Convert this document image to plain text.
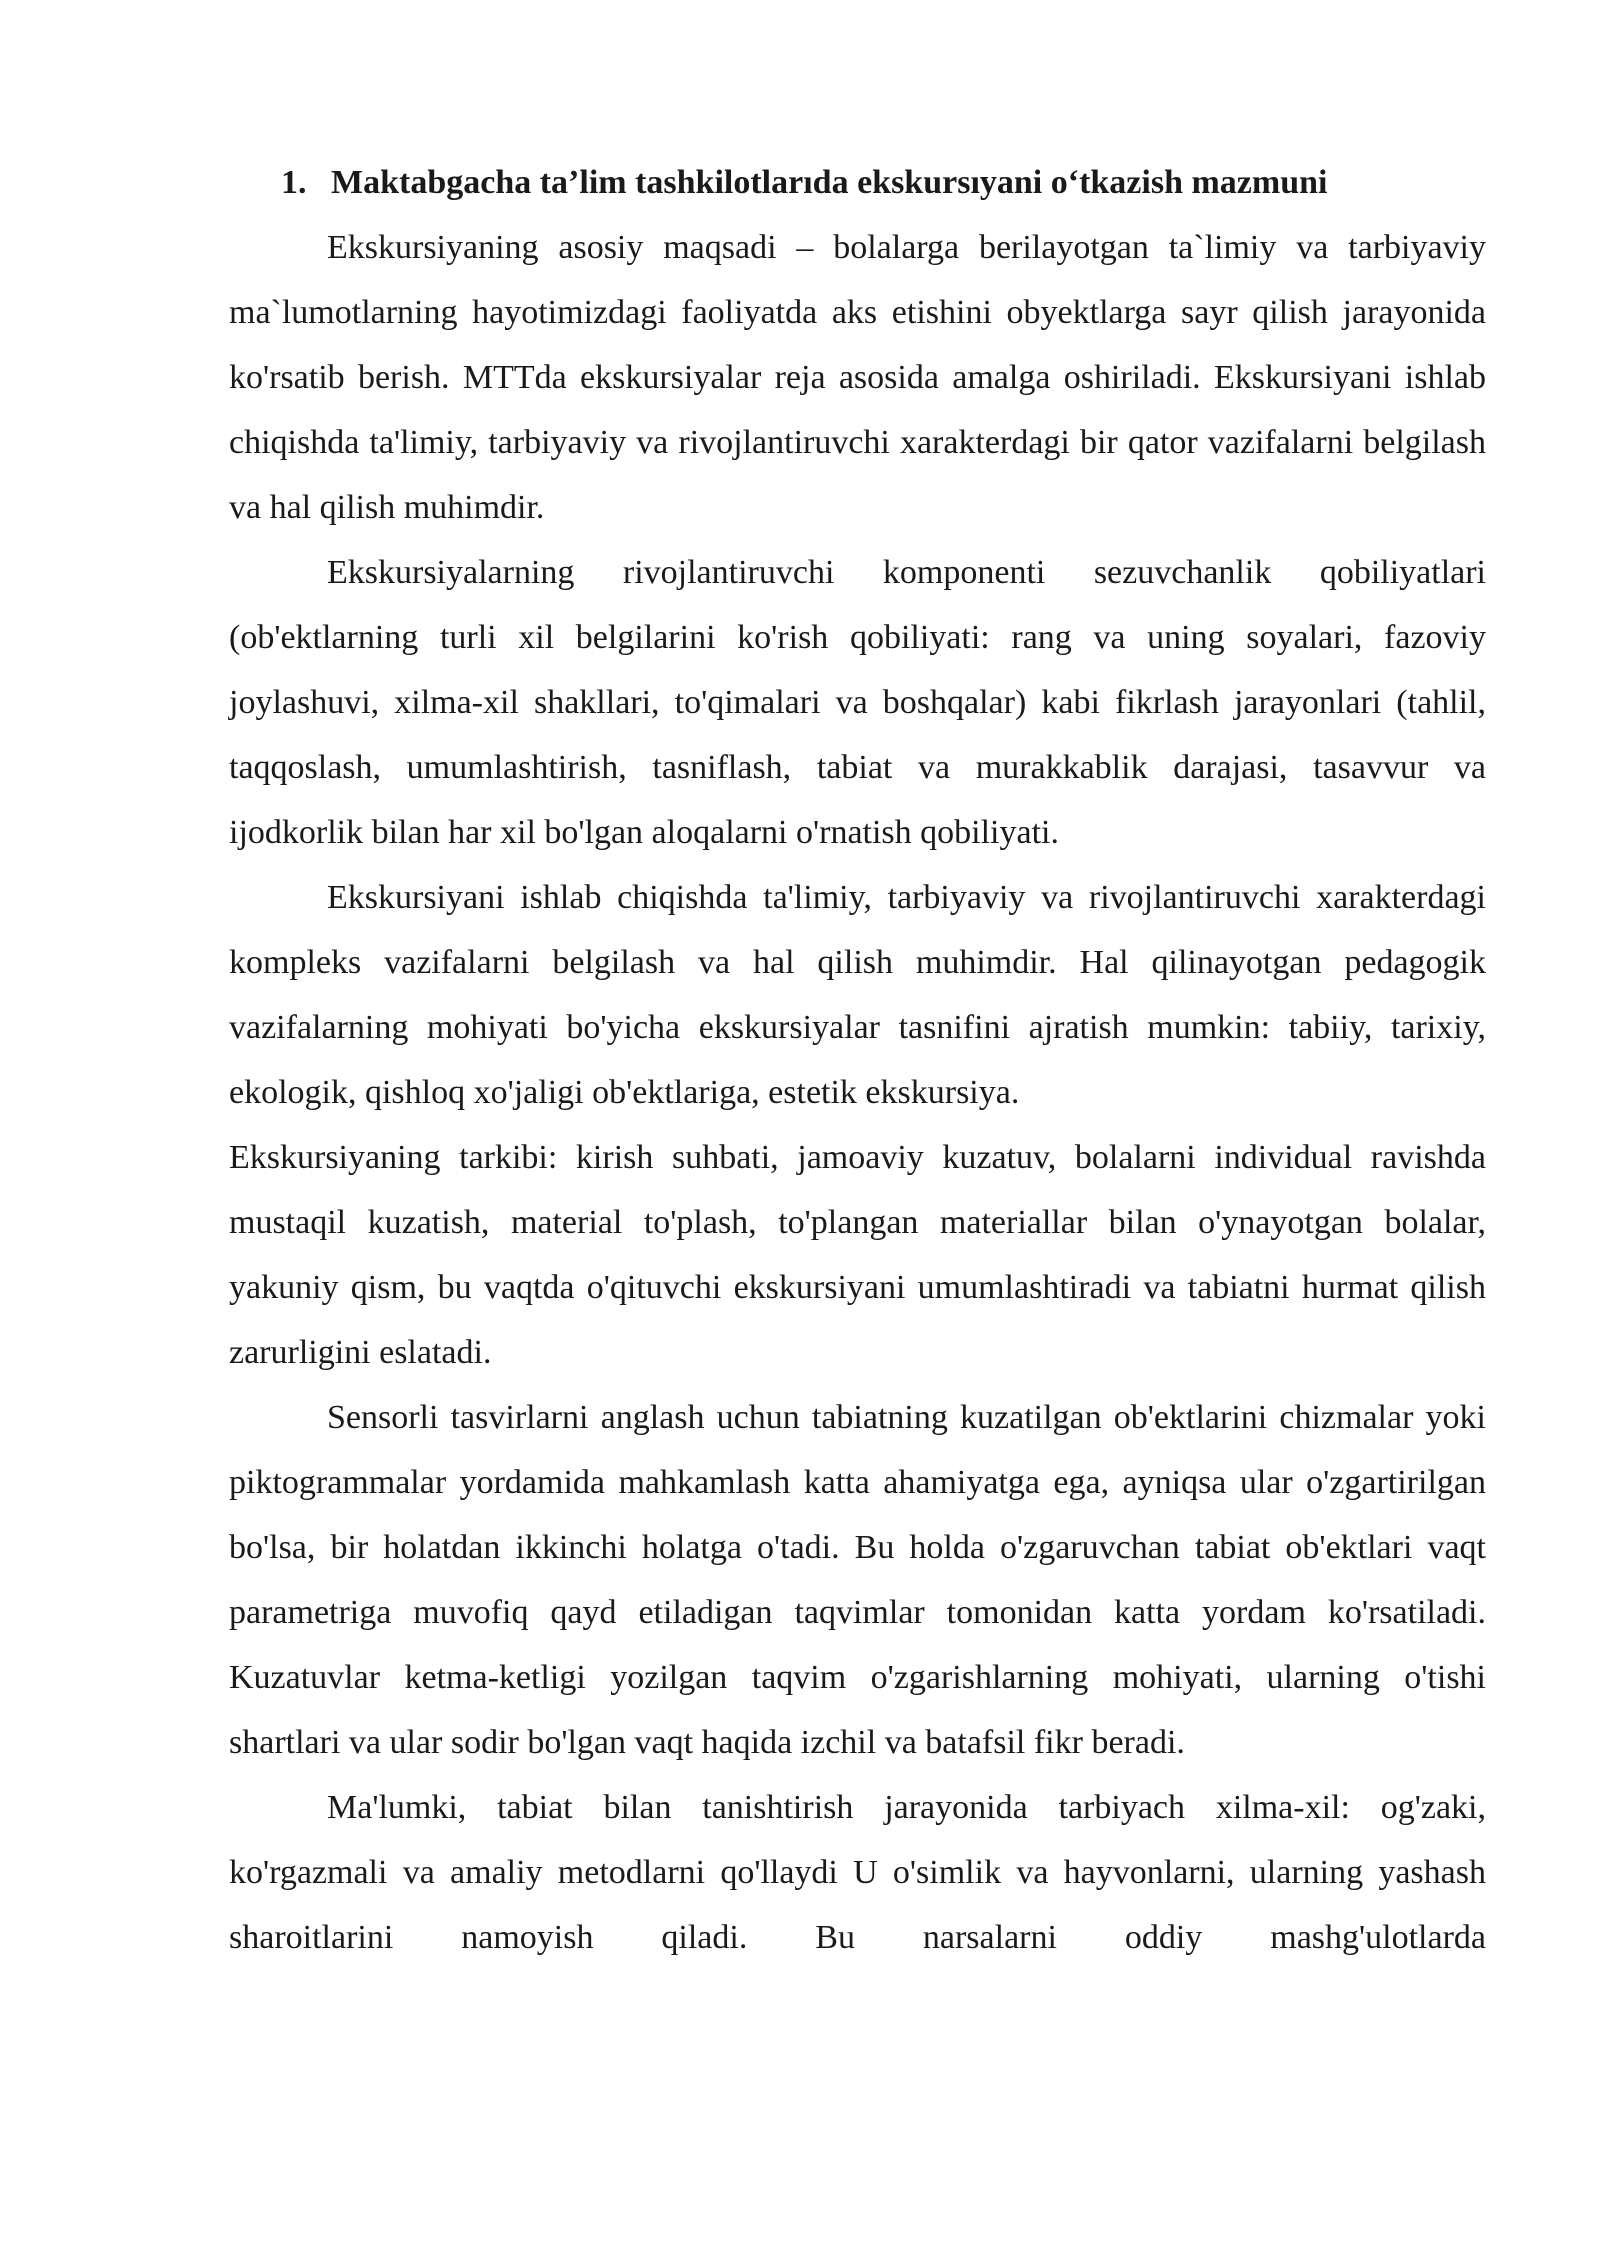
1. Maktabgacha ta’lim tashkilotlarıda ekskursıyani o‘tkazish mazmuni

Ekskursiyaning asosiy maqsadi – bolalarga berilayotgan ta`limiy va tarbiyaviy ma`lumotlarning hayotimizdagi faoliyatda aks etishini obyektlarga sayr qilish jarayonida ko'rsatib berish. MTTda ekskursiyalar reja asosida amalga oshiriladi. Ekskursiyani ishlab chiqishda ta'limiy, tarbiyaviy va rivojlantiruvchi xarakterdagi bir qator vazifalarni belgilash va hal qilish muhimdir.

Ekskursiyalarning rivojlantiruvchi komponenti sezuvchanlik qobiliyatlari (ob'ektlarning turli xil belgilarini ko'rish qobiliyati: rang va uning soyalari, fazoviy joylashuvi, xilma-xil shakllari, to'qimalari va boshqalar) kabi fikrlash jarayonlari (tahlil, taqqoslash, umumlashtirish, tasniflash, tabiat va murakkablik darajasi, tasavvur va ijodkorlik bilan har xil bo'lgan aloqalarni o'rnatish qobiliyati.

Ekskursiyani ishlab chiqishda ta'limiy, tarbiyaviy va rivojlantiruvchi xarakterdagi kompleks vazifalarni belgilash va hal qilish muhimdir. Hal qilinayotgan pedagogik vazifalarning mohiyati bo'yicha ekskursiyalar tasnifini ajratish mumkin: tabiiy, tarixiy, ekologik, qishloq xo'jaligi ob'ektlariga, estetik ekskursiya.

Ekskursiyaning tarkibi: kirish suhbati, jamoaviy kuzatuv, bolalarni individual ravishda mustaqil kuzatish, material to'plash, to'plangan materiallar bilan o'ynayotgan bolalar, yakuniy qism, bu vaqtda o'qituvchi ekskursiyani umumlashtiradi va tabiatni hurmat qilish zarurligini eslatadi.

Sensorli tasvirlarni anglash uchun tabiatning kuzatilgan ob'ektlarini chizmalar yoki piktogrammalar yordamida mahkamlash katta ahamiyatga ega, ayniqsa ular o'zgartirilgan bo'lsa, bir holatdan ikkinchi holatga o'tadi. Bu holda o'zgaruvchan tabiat ob'ektlari vaqt parametriga muvofiq qayd etiladigan taqvimlar tomonidan katta yordam ko'rsatiladi. Kuzatuvlar ketma-ketligi yozilgan taqvim o'zgarishlarning mohiyati, ularning o'tishi shartlari va ular sodir bo'lgan vaqt haqida izchil va batafsil fikr beradi.

Ma'lumki, tabiat bilan tanishtirish jarayonida tarbiyach xilma-xil: og'zaki, ko'rgazmali va amaliy metodlarni qo'llaydi U o'simlik va hayvonlarni, ularning yashash sharoitlarini namoyish qiladi. Bu narsalarni oddiy mashg'ulotlarda
